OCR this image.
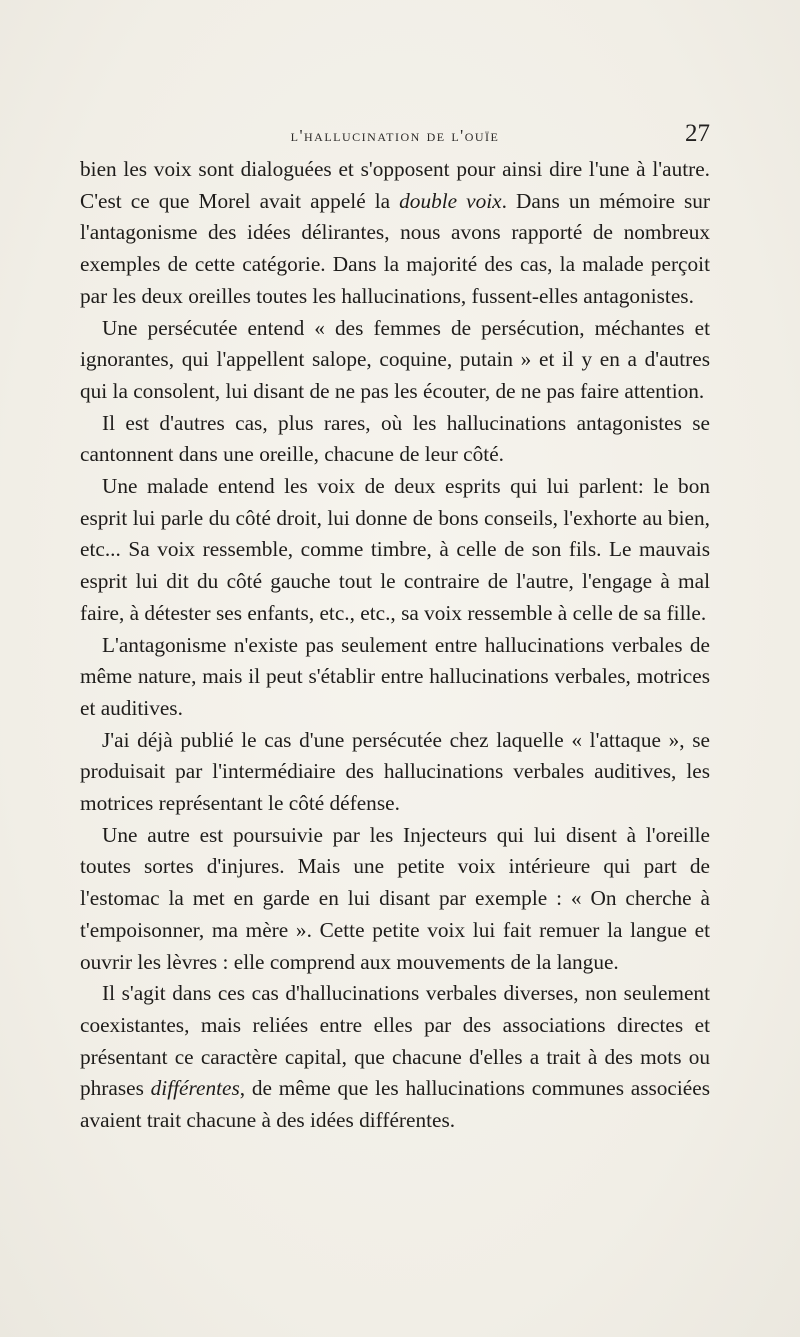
l'hallucination de l'ouïe	27

bien les voix sont dialoguées et s'opposent pour ainsi dire l'une à l'autre. C'est ce que Morel avait appelé la double voix. Dans un mémoire sur l'antagonisme des idées délirantes, nous avons rapporté de nombreux exemples de cette catégorie. Dans la majorité des cas, la malade perçoit par les deux oreilles toutes les hallucinations, fussent-elles antagonistes.

Une persécutée entend « des femmes de persécution, méchantes et ignorantes, qui l'appellent salope, coquine, putain » et il y en a d'autres qui la consolent, lui disant de ne pas les écouter, de ne pas faire attention.

Il est d'autres cas, plus rares, où les hallucinations antagonistes se cantonnent dans une oreille, chacune de leur côté.

Une malade entend les voix de deux esprits qui lui parlent: le bon esprit lui parle du côté droit, lui donne de bons conseils, l'exhorte au bien, etc... Sa voix ressemble, comme timbre, à celle de son fils. Le mauvais esprit lui dit du côté gauche tout le contraire de l'autre, l'engage à mal faire, à détester ses enfants, etc., etc., sa voix ressemble à celle de sa fille.

L'antagonisme n'existe pas seulement entre hallucinations verbales de même nature, mais il peut s'établir entre hallucinations verbales, motrices et auditives.

J'ai déjà publié le cas d'une persécutée chez laquelle « l'attaque », se produisait par l'intermédiaire des hallucinations verbales auditives, les motrices représentant le côté défense.

Une autre est poursuivie par les Injecteurs qui lui disent à l'oreille toutes sortes d'injures. Mais une petite voix intérieure qui part de l'estomac la met en garde en lui disant par exemple : « On cherche à t'empoisonner, ma mère ». Cette petite voix lui fait remuer la langue et ouvrir les lèvres : elle comprend aux mouvements de la langue.

Il s'agit dans ces cas d'hallucinations verbales diverses, non seulement coexistantes, mais reliées entre elles par des associations directes et présentant ce caractère capital, que chacune d'elles a trait à des mots ou phrases différentes, de même que les hallucinations communes associées avaient trait chacune à des idées différentes.
